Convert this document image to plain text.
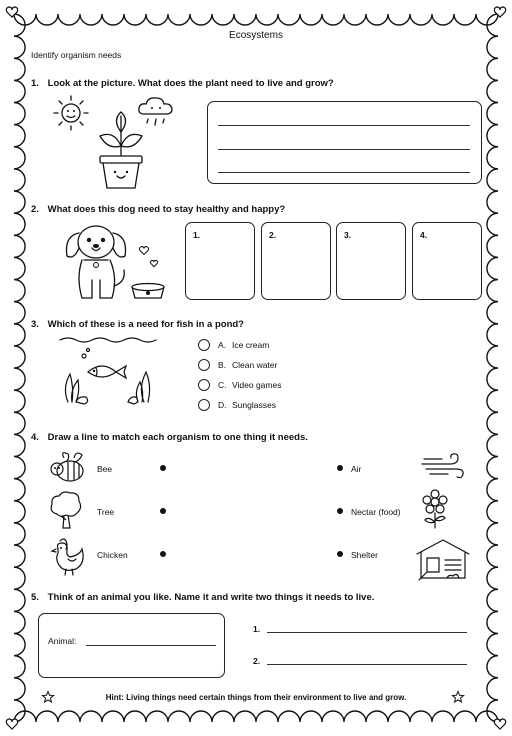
Ecosystems
Identify organism needs
1. Look at the picture. What does the plant need to live and grow?
2. What does this dog need to stay healthy and happy?
1.	2.	3.	4.
3. Which of these is a need for fish in a pond?
A. Ice cream
B. Clean water
C. Video games
D. Sunglasses
4. Draw a line to match each organism to one thing it needs.
Bee
Tree
Chicken
Air
Nectar (food)
Shelter
5. Think of an animal you like. Name it and write two things it needs to live.
Animal:
1.
2.
Hint: Living things need certain things from their environment to live and grow.
